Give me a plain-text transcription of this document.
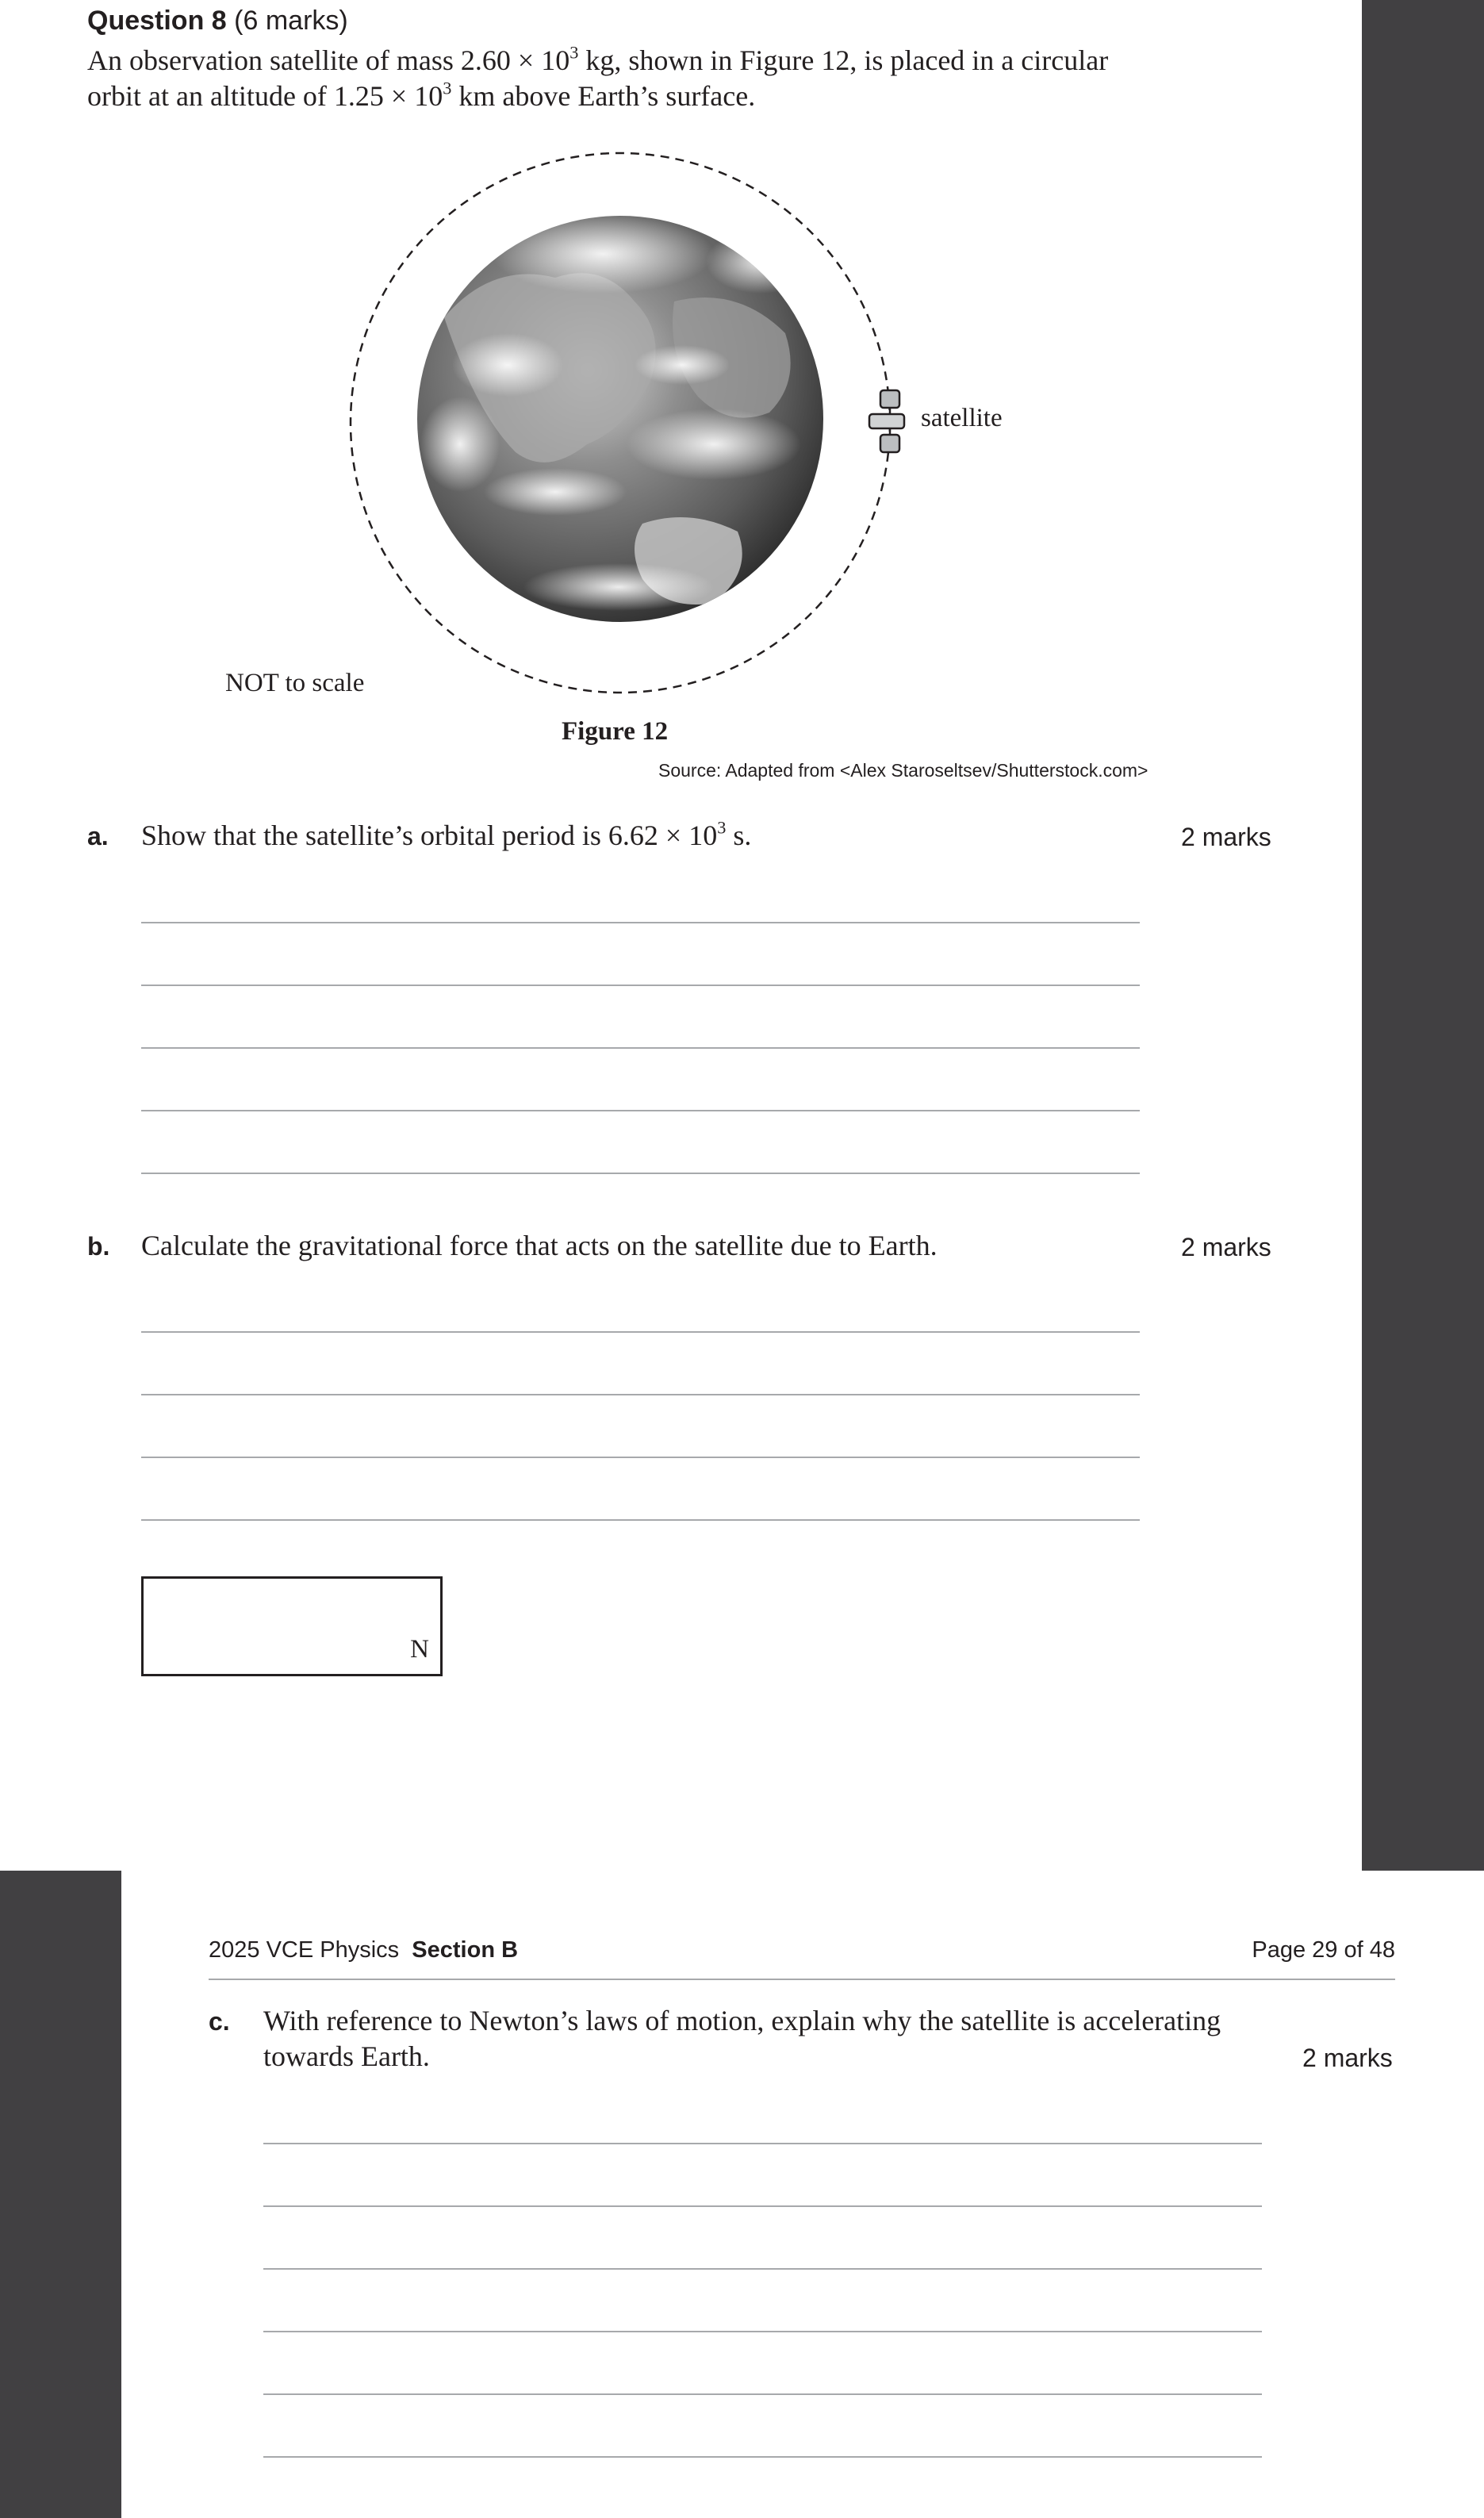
Do not write in this area.
Question 8 (6 marks)
An observation satellite of mass $2.60 \times 10^3$ kg, shown in Figure 12, is placed in a circular
orbit at an altitude of $1.25 \times 10^3$ km above Earth’s surface.
satellite
NOT to scale
Figure 12
Source: Adapted from <Alex Staroseltsev/Shutterstock.com>
a. Show that the satellite’s orbital period is $6.62 \times 10^3$ s.	2 marks
b. Calculate the gravitational force that acts on the satellite due to Earth.	2 marks
N
2025 VCE Physics Section B	Page 29 of 48
c. With reference to Newton’s laws of motion, explain why the satellite is accelerating
towards Earth.	2 marks
